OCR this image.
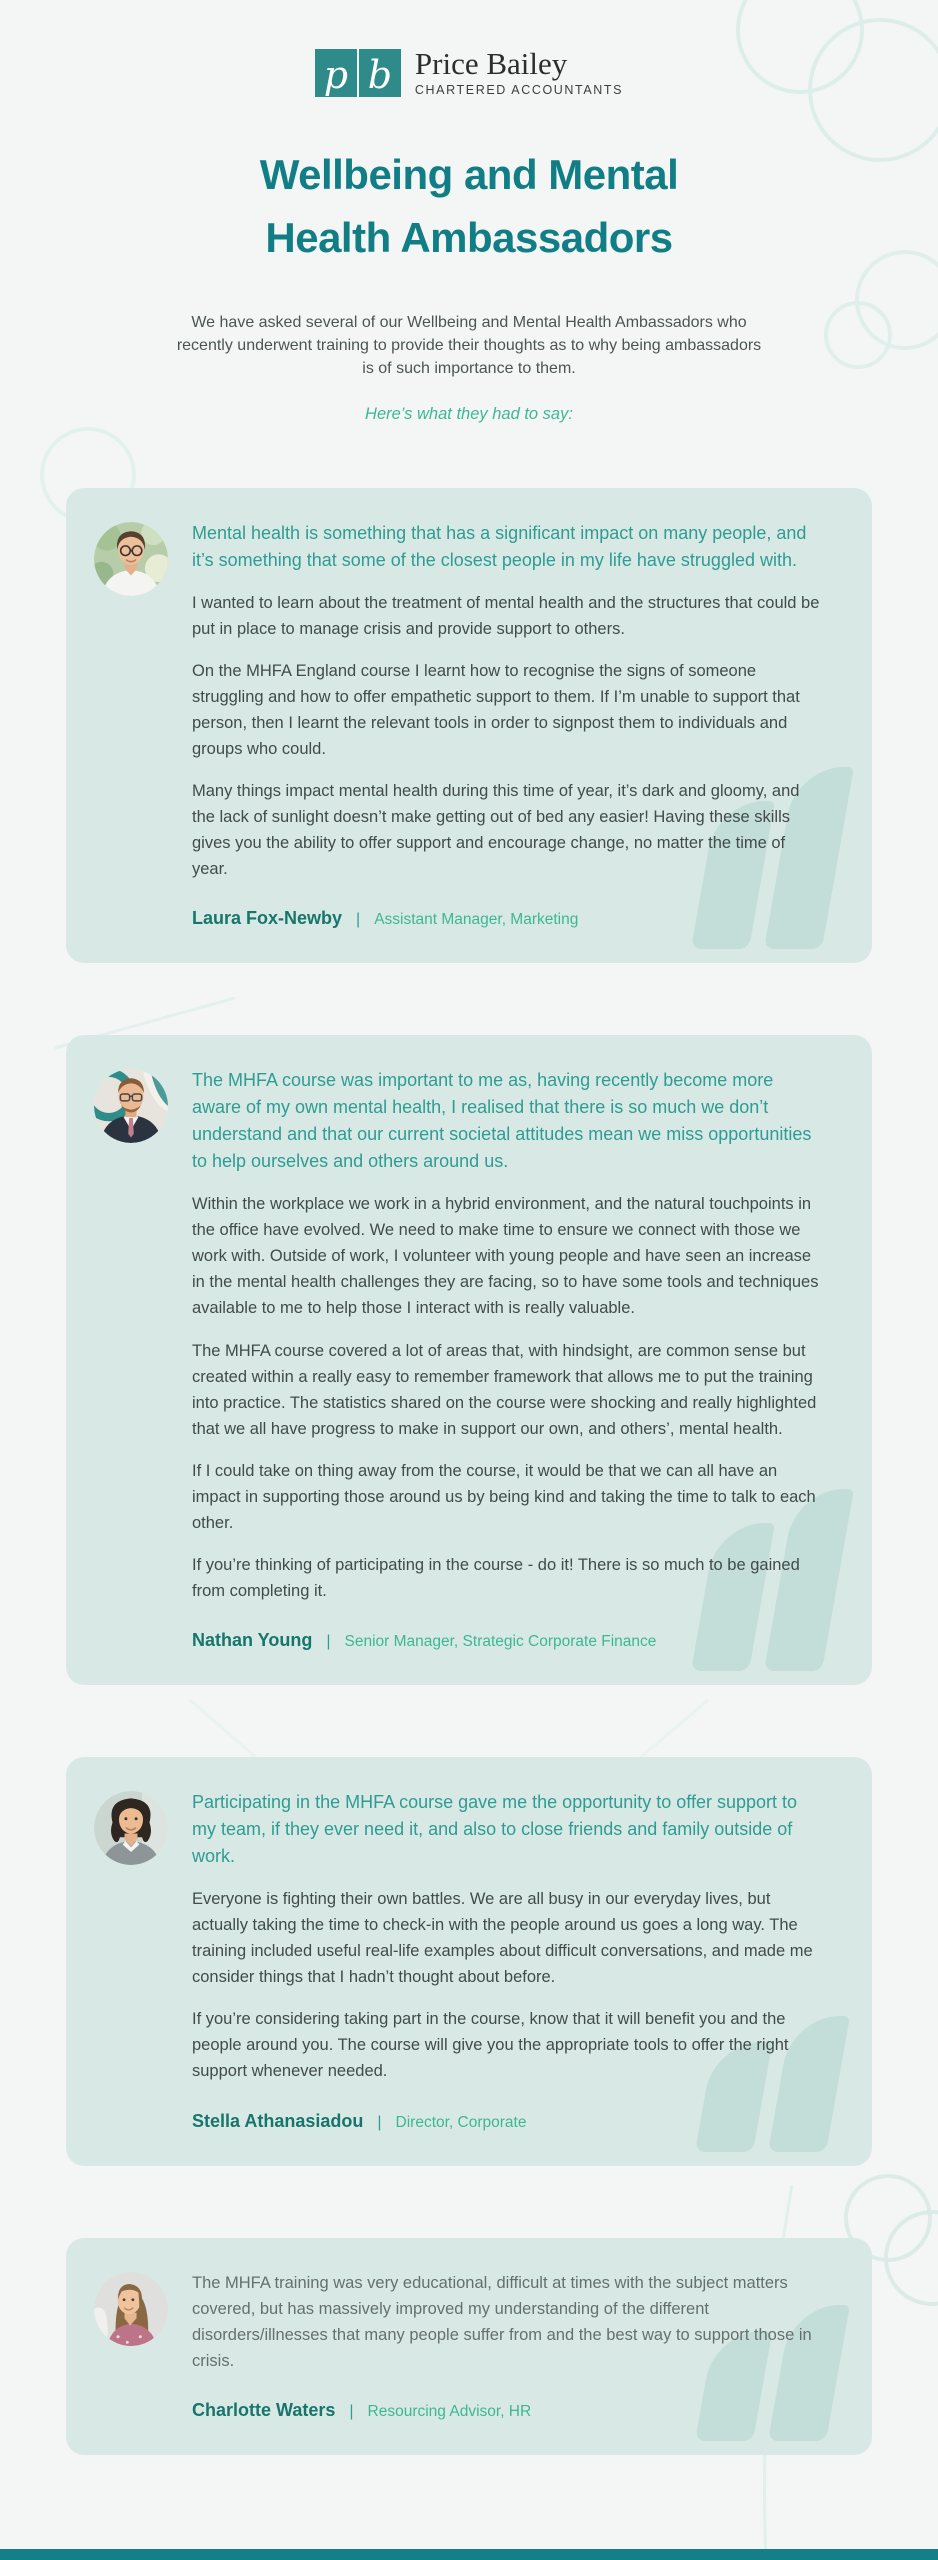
p b Price Bailey
CHARTERED ACCOUNTANTS
Wellbeing and Mental
Health Ambassadors

We have asked several of our Wellbeing and Mental Health Ambassadors who recently underwent training to provide their thoughts as to why being ambassadors is of such importance to them.

Here’s what they had to say:

Mental health is something that has a significant impact on many people, and it’s something that some of the closest people in my life have struggled with.

I wanted to learn about the treatment of mental health and the structures that could be put in place to manage crisis and provide support to others.

On the MHFA England course I learnt how to recognise the signs of someone struggling and how to offer empathetic support to them. If I’m unable to support that person, then I learnt the relevant tools in order to signpost them to individuals and groups who could.

Many things impact mental health during this time of year, it’s dark and gloomy, and the lack of sunlight doesn’t make getting out of bed any easier! Having these skills gives you the ability to offer support and encourage change, no matter the time of year.

Laura Fox-Newby | Assistant Manager, Marketing

The MHFA course was important to me as, having recently become more aware of my own mental health, I realised that there is so much we don’t understand and that our current societal attitudes mean we miss opportunities to help ourselves and others around us.

Within the workplace we work in a hybrid environment, and the natural touchpoints in the office have evolved. We need to make time to ensure we connect with those we work with. Outside of work, I volunteer with young people and have seen an increase in the mental health challenges they are facing, so to have some tools and techniques available to me to help those I interact with is really valuable.

The MHFA course covered a lot of areas that, with hindsight, are common sense but created within a really easy to remember framework that allows me to put the training into practice. The statistics shared on the course were shocking and really highlighted that we all have progress to make in support our own, and others’, mental health.

If I could take on thing away from the course, it would be that we can all have an impact in supporting those around us by being kind and taking the time to talk to each other.

If you’re thinking of participating in the course - do it! There is so much to be gained from completing it.

Nathan Young | Senior Manager, Strategic Corporate Finance

Participating in the MHFA course gave me the opportunity to offer support to my team, if they ever need it, and also to close friends and family outside of work.

Everyone is fighting their own battles. We are all busy in our everyday lives, but actually taking the time to check-in with the people around us goes a long way. The training included useful real-life examples about difficult conversations, and made me consider things that I hadn’t thought about before.

If you’re considering taking part in the course, know that it will benefit you and the people around you. The course will give you the appropriate tools to offer the right support whenever needed.

Stella Athanasiadou | Director, Corporate

The MHFA training was very educational, difficult at times with the subject matters covered, but has massively improved my understanding of the different disorders/illnesses that many people suffer from and the best way to support those in crisis.

Charlotte Waters | Resourcing Advisor, HR
